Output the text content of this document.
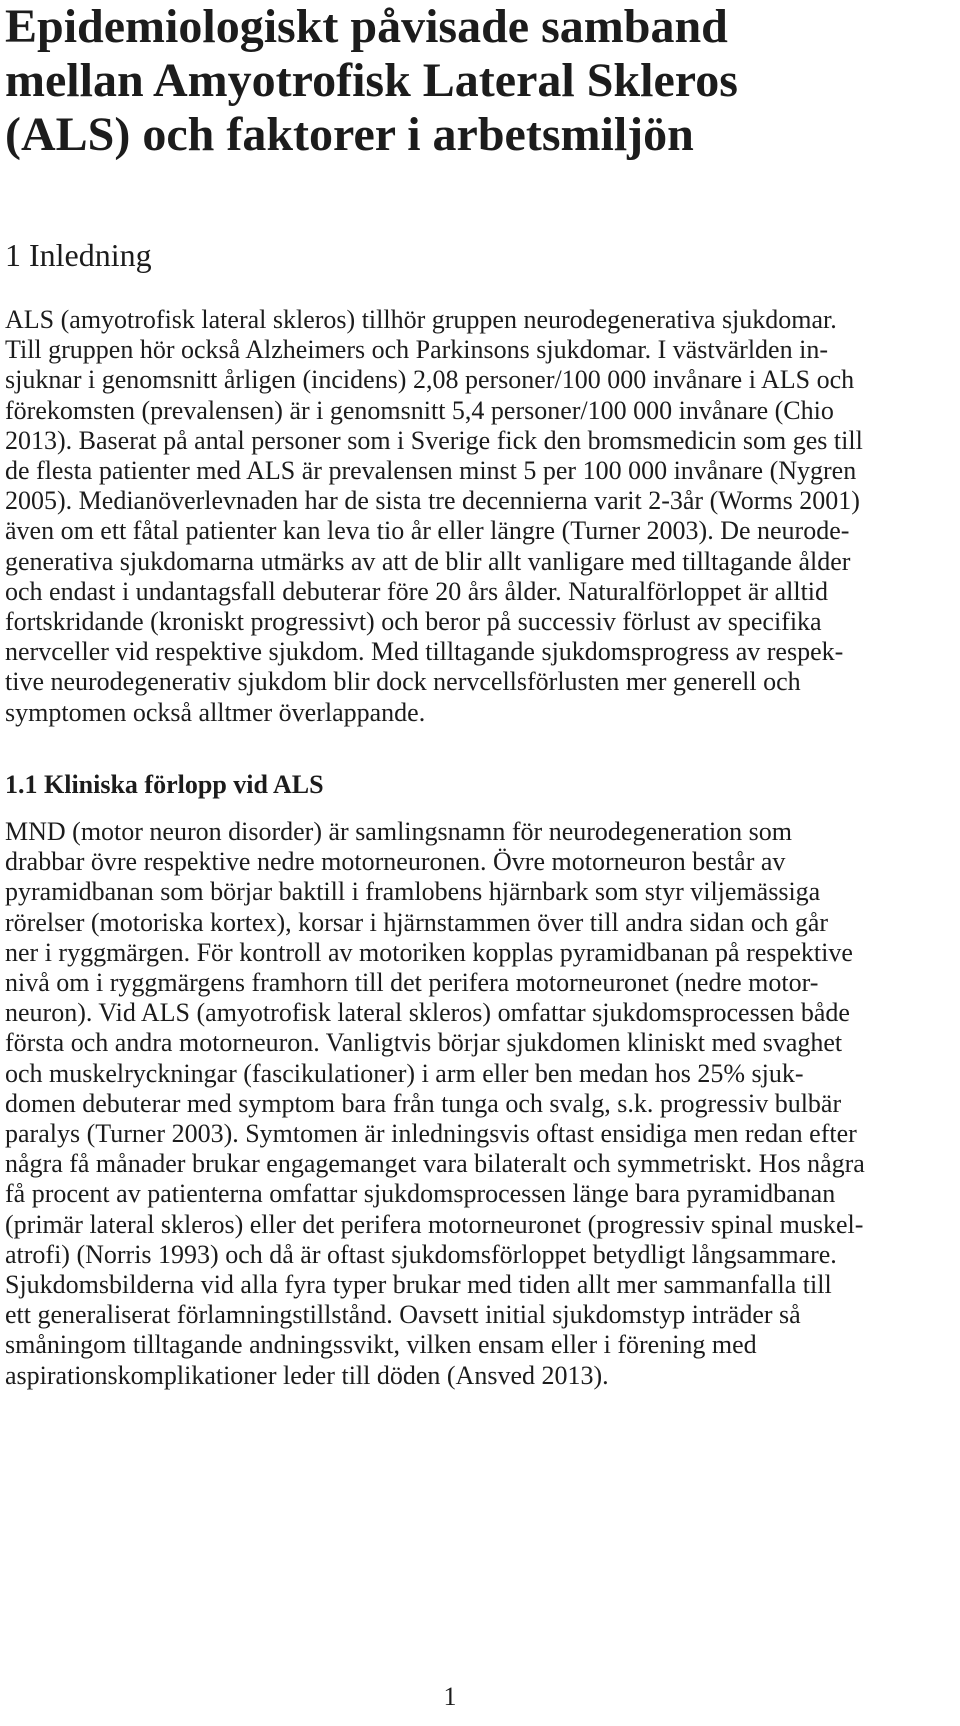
Epidemiologiskt påvisade samband
mellan Amyotrofisk Lateral Skleros
(ALS) och faktorer i arbetsmiljön
1 Inledning

ALS (amyotrofisk lateral skleros) tillhör gruppen neurodegenerativa sjukdomar.
Till gruppen hör också Alzheimers och Parkinsons sjukdomar. I västvärlden in-
sjuknar i genomsnitt årligen (incidens) 2,08 personer/100 000 invånare i ALS och
förekomsten (prevalensen) är i genomsnitt 5,4 personer/100 000 invånare (Chio
2013). Baserat på antal personer som i Sverige fick den bromsmedicin som ges till
de flesta patienter med ALS är prevalensen minst 5 per 100 000 invånare (Nygren
2005). Medianöverlevnaden har de sista tre decennierna varit 2-3år (Worms 2001)
även om ett fåtal patienter kan leva tio år eller längre (Turner 2003). De neurode-
generativa sjukdomarna utmärks av att de blir allt vanligare med tilltagande ålder
och endast i undantagsfall debuterar före 20 års ålder. Naturalförloppet är alltid
fortskridande (kroniskt progressivt) och beror på successiv förlust av specifika
nervceller vid respektive sjukdom. Med tilltagande sjukdomsprogress av respek-
tive neurodegenerativ sjukdom blir dock nervcellsförlusten mer generell och
symptomen också alltmer överlappande.

1.1 Kliniska förlopp vid ALS

MND (motor neuron disorder) är samlingsnamn för neurodegeneration som
drabbar övre respektive nedre motorneuronen. Övre motorneuron består av
pyramidbanan som börjar baktill i framlobens hjärnbark som styr viljemässiga
rörelser (motoriska kortex), korsar i hjärnstammen över till andra sidan och går
ner i ryggmärgen. För kontroll av motoriken kopplas pyramidbanan på respektive
nivå om i ryggmärgens framhorn till det perifera motorneuronet (nedre motor-
neuron). Vid ALS (amyotrofisk lateral skleros) omfattar sjukdomsprocessen både
första och andra motorneuron. Vanligtvis börjar sjukdomen kliniskt med svaghet
och muskelryckningar (fascikulationer) i arm eller ben medan hos 25% sjuk-
domen debuterar med symptom bara från tunga och svalg, s.k. progressiv bulbär
paralys (Turner 2003). Symtomen är inledningsvis oftast ensidiga men redan efter
några få månader brukar engagemanget vara bilateralt och symmetriskt. Hos några
få procent av patienterna omfattar sjukdomsprocessen länge bara pyramidbanan
(primär lateral skleros) eller det perifera motorneuronet (progressiv spinal muskel-
atrofi) (Norris 1993) och då är oftast sjukdomsförloppet betydligt långsammare.
Sjukdomsbilderna vid alla fyra typer brukar med tiden allt mer sammanfalla till
ett generaliserat förlamningstillstånd. Oavsett initial sjukdomstyp inträder så
småningom tilltagande andningssvikt, vilken ensam eller i förening med
aspirationskomplikationer leder till döden (Ansved 2013).

1
